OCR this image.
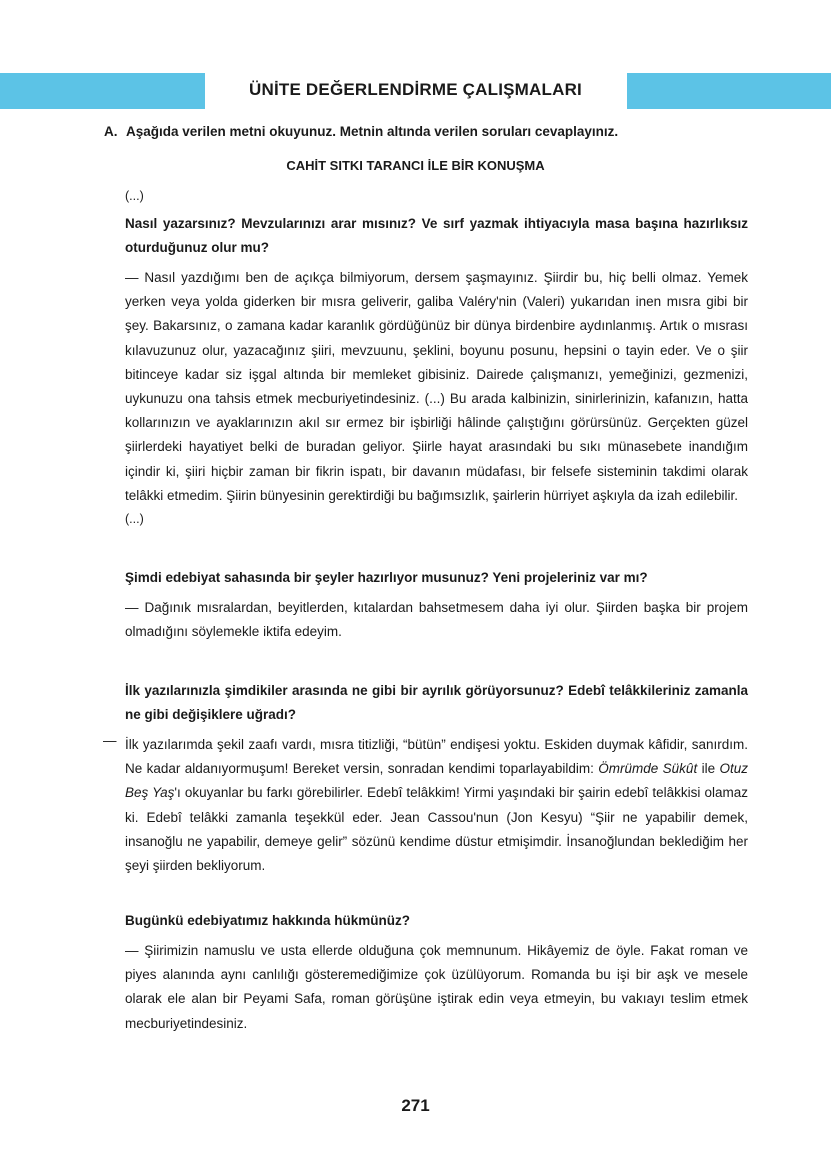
ÜNİTE DEĞERLENDİRME ÇALIŞMALARI
A. Aşağıda verilen metni okuyunuz. Metnin altında verilen soruları cevaplayınız.
CAHİT SITKI TARANCI İLE BİR KONUŞMA
(...)
Nasıl yazarsınız? Mevzularınızı arar mısınız? Ve sırf yazmak ihtiyacıyla masa başına hazırlıksız oturduğunuz olur mu?
— Nasıl yazdığımı ben de açıkça bilmiyorum, dersem şaşmayınız. Şiirdir bu, hiç belli olmaz. Yemek yerken veya yolda giderken bir mısra geliverir, galiba Valéry'nin (Valeri) yukarıdan inen mısra gibi bir şey. Bakarsınız, o zamana kadar karanlık gördüğünüz bir dünya birdenbire aydınlanmış. Artık o mısrası kılavuzunuz olur, yazacağınız şiiri, mevzuunu, şeklini, boyunu posunu, hepsini o tayin eder. Ve o şiir bitinceye kadar siz işgal altında bir memleket gibisiniz. Dairede çalışmanızı, yemeğinizi, gezmenizi, uykunuzu ona tahsis etmek mecburiyetindesiniz. (...) Bu arada kalbinizin, sinirlerinizin, kafanızın, hatta kollarınızın ve ayaklarınızın akıl sır ermez bir işbirliği hâlinde çalıştığını görürsünüz. Gerçekten güzel şiirlerdeki hayatiyet belki de buradan geliyor. Şiirle hayat arasındaki bu sıkı münasebete inandığım içindir ki, şiiri hiçbir zaman bir fikrin ispatı, bir davanın müdafası, bir felsefe sisteminin takdimi olarak telâkki etmedim. Şiirin bünyesinin gerektirdiği bu bağımsızlık, şairlerin hürriyet aşkıyla da izah edilebilir.
(...)
Şimdi edebiyat sahasında bir şeyler hazırlıyor musunuz? Yeni projeleriniz var mı?
— Dağınık mısralardan, beyitlerden, kıtalardan bahsetmesem daha iyi olur. Şiirden başka bir projem olmadığını söylemekle iktifa edeyim.
İlk yazılarınızla şimdikiler arasında ne gibi bir ayrılık görüyorsunuz? Edebî telâkkileriniz zamanla ne gibi değişiklere uğradı?
— İlk yazılarımda şekil zaafı vardı, mısra titizliği, “bütün” endişesi yoktu. Eskiden duymak kâfidir, sanırdım. Ne kadar aldanıyormuşum! Bereket versin, sonradan kendimi toparlayabildim: Ömrümde Sükût ile Otuz Beş Yaş'ı okuyanlar bu farkı görebilirler. Edebî telâkkim! Yirmi yaşındaki bir şairin edebî telâkkisi olamaz ki. Edebî telâkki zamanla teşekkül eder. Jean Cassou'nun (Jon Kesyu) “Şiir ne yapabilir demek, insanoğlu ne yapabilir, demeye gelir” sözünü kendime düstur etmişimdir. İnsanoğlundan beklediğim her şeyi şiirden bekliyorum.
Bugünkü edebiyatımız hakkında hükmünüz?
— Şiirimizin namuslu ve usta ellerde olduğuna çok memnunum. Hikâyemiz de öyle. Fakat roman ve piyes alanında aynı canlılığı gösteremediğimize çok üzülüyorum. Romanda bu işi bir aşk ve mesele olarak ele alan bir Peyami Safa, roman görüşüne iştirak edin veya etmeyin, bu vakıayı teslim etmek mecburiyetindesiniz.
271
